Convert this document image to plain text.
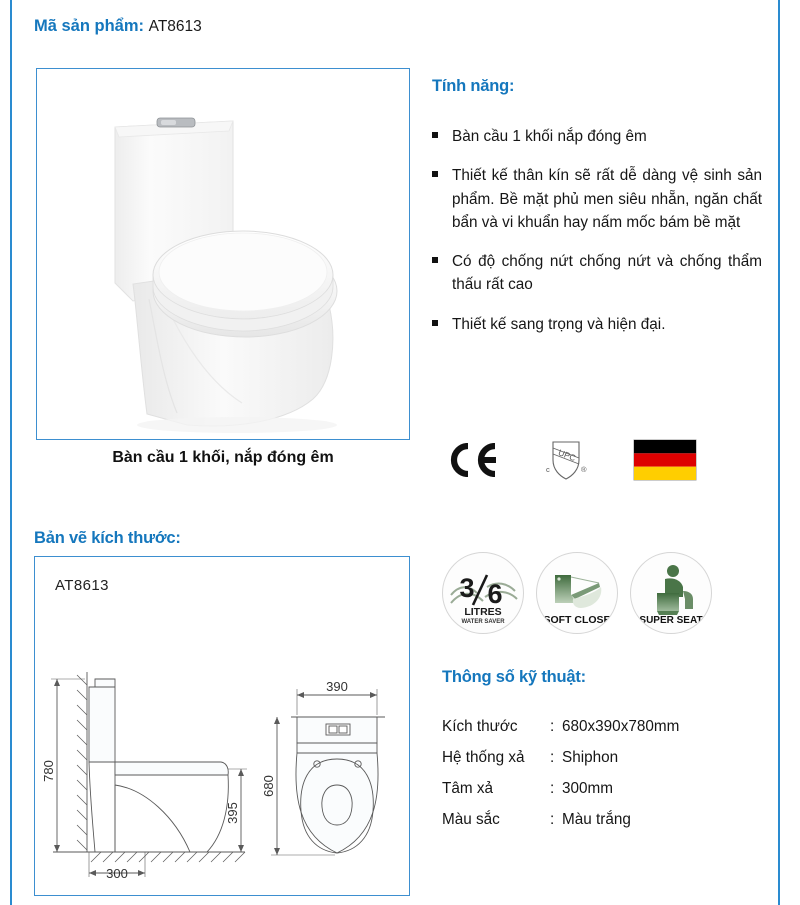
Mã sản phẩm: AT8613
Bàn cầu 1 khối, nắp đóng êm
Bản vẽ kích thước:
AT8613
780
395
300
390
680
Tính năng:
Bàn cầu 1 khối nắp đóng êm
Thiết kế thân kín sẽ rất dễ dàng vệ sinh sản phẩm. Bề mặt phủ men siêu nhẵn, ngăn chất bẩn và vi khuẩn hay nấm mốc bám bề mặt
Có độ chống nứt chống nứt và chống thẩm thấu rất cao
Thiết kế sang trọng và hiện đại.
UPC
c	®
3 6
LITRES
WATER SAVER	SOFT CLOSE	SUPER SEAT
Thông số kỹ thuật:
Kích thước	:	680x390x780mm
Hệ thống xả	:	Shiphon
Tâm xả	:	300mm
Màu sắc	:	Màu trắng
